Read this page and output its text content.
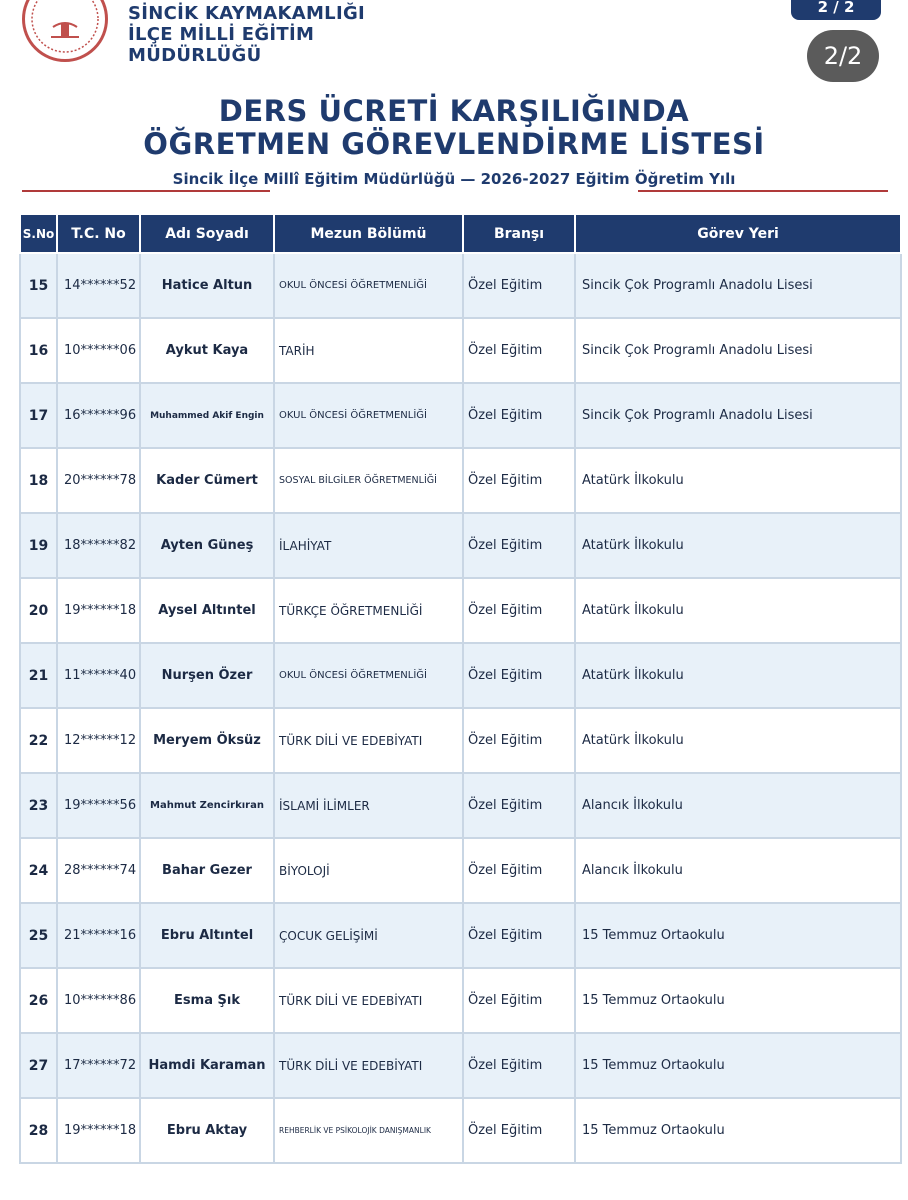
SİNCİK KAYMAKAMLIĞI
İLÇE MİLLİ EĞİTİM
MÜDÜRLÜĞÜ
2 / 2
2/2
DERS ÜCRETİ KARŞILIĞINDA
ÖĞRETMEN GÖREVLENDİRME LİSTESİ
Sincik İlçe Millî Eğitim Müdürlüğü — 2026-2027 Eğitim Öğretim Yılı
S.No	T.C. No	Adı Soyadı	Mezun Bölümü	Branşı	Görev Yeri
15	14******52	Hatice Altun	OKUL ÖNCESİ ÖĞRETMENLİĞİ	Özel Eğitim	Sincik Çok Programlı Anadolu Lisesi
16	10******06	Aykut Kaya	TARİH	Özel Eğitim	Sincik Çok Programlı Anadolu Lisesi
17	16******96	Muhammed Akif Engin	OKUL ÖNCESİ ÖĞRETMENLİĞİ	Özel Eğitim	Sincik Çok Programlı Anadolu Lisesi
18	20******78	Kader Cümert	SOSYAL BİLGİLER ÖĞRETMENLİĞİ	Özel Eğitim	Atatürk İlkokulu
19	18******82	Ayten Güneş	İLAHİYAT	Özel Eğitim	Atatürk İlkokulu
20	19******18	Aysel Altıntel	TÜRKÇE ÖĞRETMENLİĞİ	Özel Eğitim	Atatürk İlkokulu
21	11******40	Nurşen Özer	OKUL ÖNCESİ ÖĞRETMENLİĞİ	Özel Eğitim	Atatürk İlkokulu
22	12******12	Meryem Öksüz	TÜRK DİLİ VE EDEBİYATI	Özel Eğitim	Atatürk İlkokulu
23	19******56	Mahmut Zencirkıran	İSLAMİ İLİMLER	Özel Eğitim	Alancık İlkokulu
24	28******74	Bahar Gezer	BİYOLOJİ	Özel Eğitim	Alancık İlkokulu
25	21******16	Ebru Altıntel	ÇOCUK GELİŞİMİ	Özel Eğitim	15 Temmuz Ortaokulu
26	10******86	Esma Şık	TÜRK DİLİ VE EDEBİYATI	Özel Eğitim	15 Temmuz Ortaokulu
27	17******72	Hamdi Karaman	TÜRK DİLİ VE EDEBİYATI	Özel Eğitim	15 Temmuz Ortaokulu
28	19******18	Ebru Aktay	REHBERLİK VE PSİKOLOJİK DANIŞMANLIK	Özel Eğitim	15 Temmuz Ortaokulu
